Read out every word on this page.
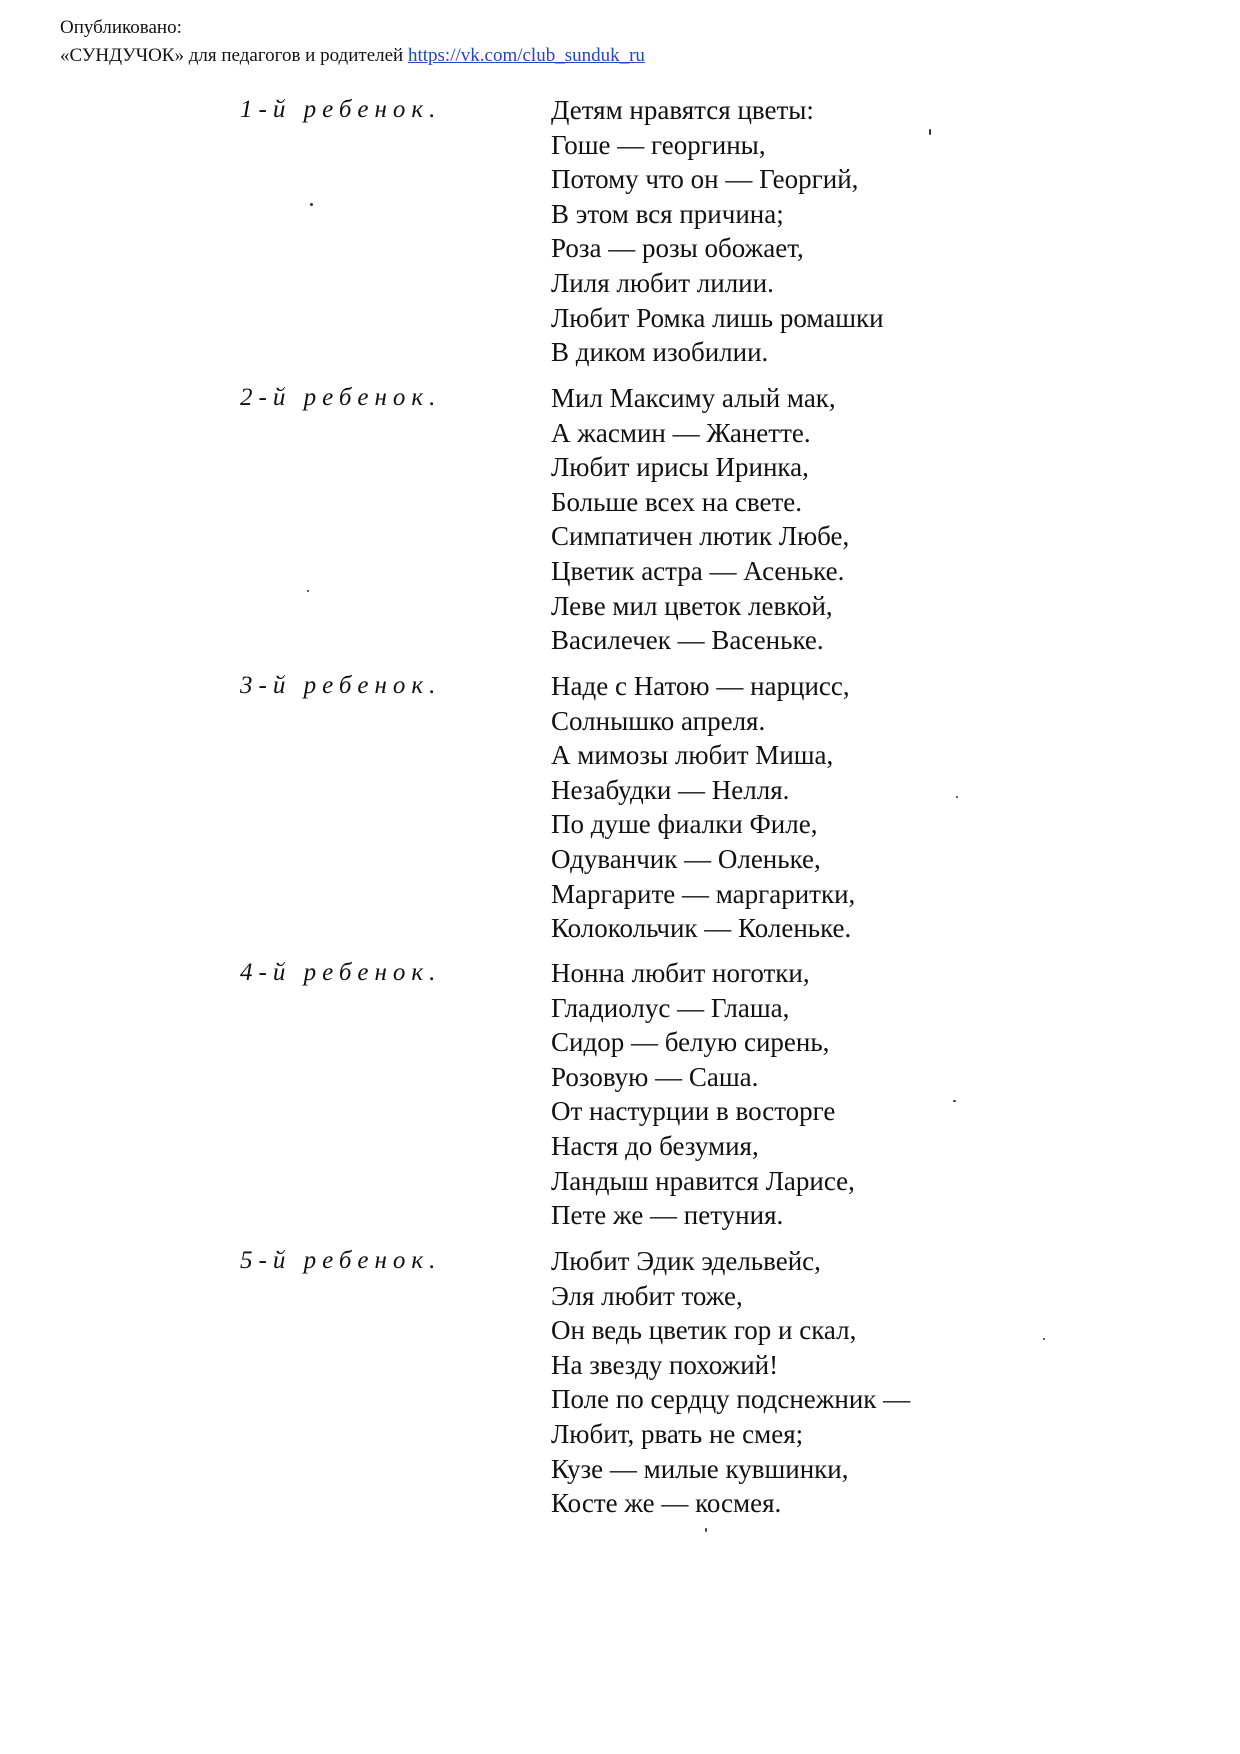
Опубликовано:
«СУНДУЧОК» для педагогов и родителей https://vk.com/club_sunduk_ru
1-й ребенок.	Детям нравятся цветы:
Гоше — георгины,
Потому что он — Георгий,
В этом вся причина;
Роза — розы обожает,
Лиля любит лилии.
Любит Ромка лишь ромашки
В диком изобилии.
2-й ребенок.	Мил Максиму алый мак,
А жасмин — Жанетте.
Любит ирисы Иринка,
Больше всех на свете.
Симпатичен лютик Любе,
Цветик астра — Асеньке.
Леве мил цветок левкой,
Василечек — Васеньке.
3-й ребенок.	Наде с Натою — нарцисс,
Солнышко апреля.
А мимозы любит Миша,
Незабудки — Нелля.
По душе фиалки Филе,
Одуванчик — Оленьке,
Маргарите — маргаритки,
Колокольчик — Коленьке.
4-й ребенок.	Нонна любит ноготки,
Гладиолус — Глаша,
Сидор — белую сирень,
Розовую — Саша.
От настурции в восторге
Настя до безумия,
Ландыш нравится Ларисе,
Пете же — петуния.
5-й ребенок.	Любит Эдик эдельвейс,
Эля любит тоже,
Он ведь цветик гор и скал,
На звезду похожий!
Поле по сердцу подснежник —
Любит, рвать не смея;
Кузе — милые кувшинки,
Косте же — космея.
